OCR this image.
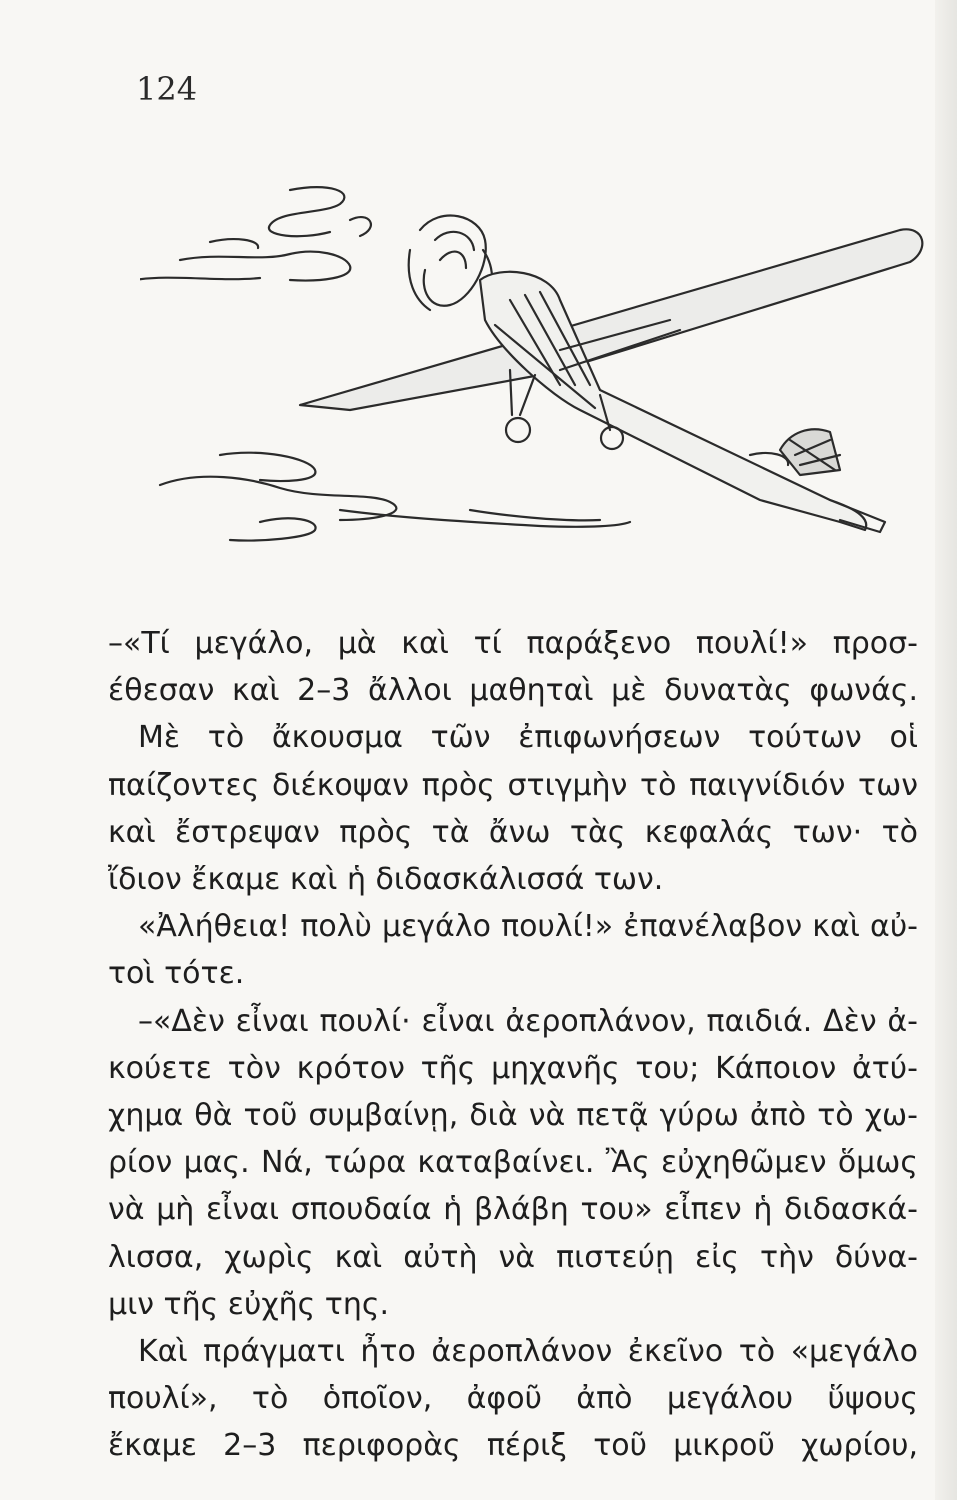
124
–«Τί μεγάλο, μὰ καὶ τί παράξενο πουλί!» προσ-
έθεσαν καὶ 2–3 ἄλλοι μαθηταὶ μὲ δυνατὰς φωνάς.
Μὲ τὸ ἄκουσμα τῶν ἐπιφωνήσεων τούτων οἱ
παίζοντες διέκοψαν πρὸς στιγμὴν τὸ παιγνίδιόν των
καὶ ἔστρεψαν πρὸς τὰ ἄνω τὰς κεφαλάς των· τὸ
ἴδιον ἔκαμε καὶ ἡ διδασκάλισσά των.
«Ἀλήθεια! πολὺ μεγάλο πουλί!» ἐπανέλαβον καὶ αὐ-
τοὶ τότε.
–«Δὲν εἶναι πουλί· εἶναι ἀεροπλάνον, παιδιά. Δὲν ἀ-
κούετε τὸν κρότον τῆς μηχανῆς του; Κάποιον ἀτύ-
χημα θὰ τοῦ συμβαίνῃ, διὰ νὰ πετᾷ γύρω ἀπὸ τὸ χω-
ρίον μας. Νά, τώρα καταβαίνει. Ἂς εὐχηθῶμεν ὅμως
νὰ μὴ εἶναι σπουδαία ἡ βλάβη του» εἶπεν ἡ διδασκά-
λισσα, χωρὶς καὶ αὐτὴ νὰ πιστεύῃ εἰς τὴν δύνα-
μιν τῆς εὐχῆς της.
Καὶ πράγματι ἦτο ἀεροπλάνον ἐκεῖνο τὸ «μεγάλο
πουλί», τὸ ὁποῖον, ἀφοῦ ἀπὸ μεγάλου ὕψους
ἔκαμε 2–3 περιφορὰς πέριξ τοῦ μικροῦ χωρίου,
